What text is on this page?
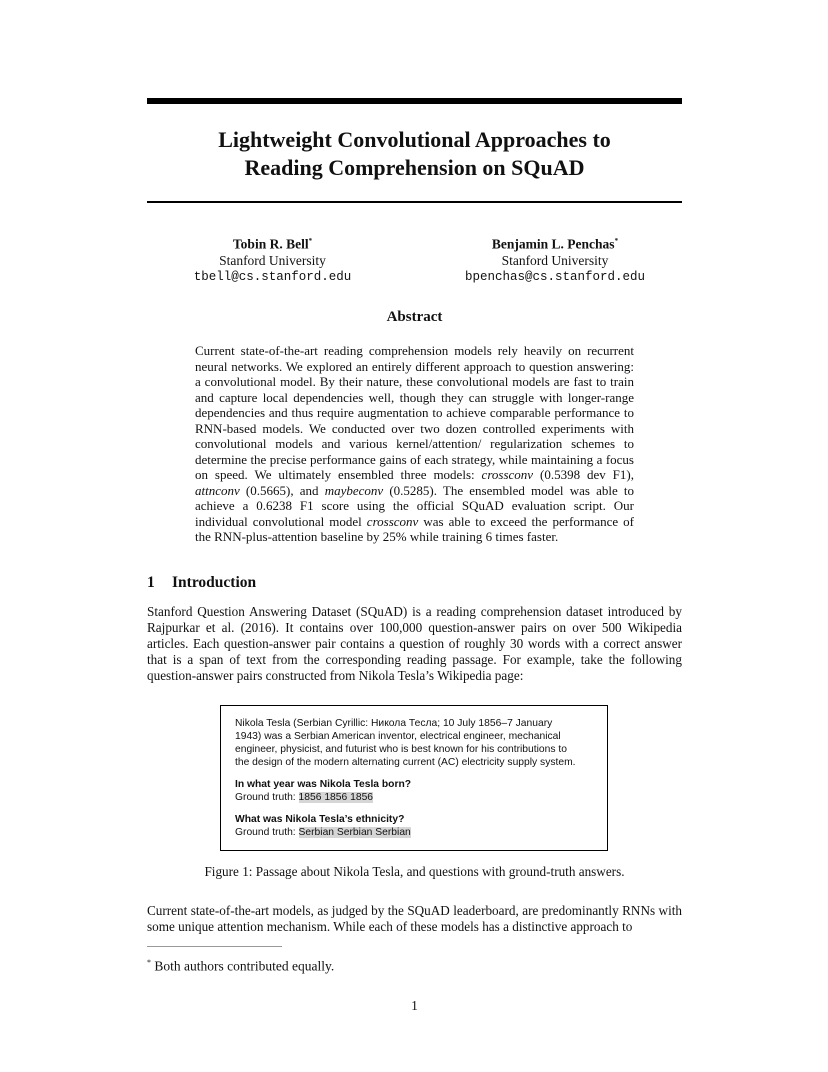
Lightweight Convolutional Approaches to
Reading Comprehension on SQuAD
Tobin R. Bell*
Stanford University
tbell@cs.stanford.edu
Benjamin L. Penchas*
Stanford University
bpenchas@cs.stanford.edu
Abstract
Current state-of-the-art reading comprehension models rely heavily on recurrent neural networks. We explored an entirely different approach to question answering: a convolutional model. By their nature, these convolutional models are fast to train and capture local dependencies well, though they can struggle with longer-range dependencies and thus require augmentation to achieve comparable performance to RNN-based models. We conducted over two dozen controlled experiments with convolutional models and various kernel/attention/ regularization schemes to determine the precise performance gains of each strategy, while maintaining a focus on speed. We ultimately ensembled three models: crossconv (0.5398 dev F1), attnconv (0.5665), and maybeconv (0.5285). The ensembled model was able to achieve a 0.6238 F1 score using the official SQuAD evaluation script. Our individual convolutional model crossconv was able to exceed the performance of the RNN-plus-attention baseline by 25% while training 6 times faster.
1 Introduction
Stanford Question Answering Dataset (SQuAD) is a reading comprehension dataset introduced by Rajpurkar et al. (2016). It contains over 100,000 question-answer pairs on over 500 Wikipedia articles. Each question-answer pair contains a question of roughly 30 words with a correct answer that is a span of text from the corresponding reading passage. For example, take the following question-answer pairs constructed from Nikola Tesla’s Wikipedia page:
Nikola Tesla (Serbian Cyrillic: Никола Тесла; 10 July 1856–7 January
1943) was a Serbian American inventor, electrical engineer, mechanical
engineer, physicist, and futurist who is best known for his contributions to
the design of the modern alternating current (AC) electricity supply system.
In what year was Nikola Tesla born?
Ground truth: 1856 1856 1856
What was Nikola Tesla’s ethnicity?
Ground truth: Serbian Serbian Serbian
Figure 1: Passage about Nikola Tesla, and questions with ground-truth answers.
Current state-of-the-art models, as judged by the SQuAD leaderboard, are predominantly RNNs with some unique attention mechanism. While each of these models has a distinctive approach to
* Both authors contributed equally.
1
